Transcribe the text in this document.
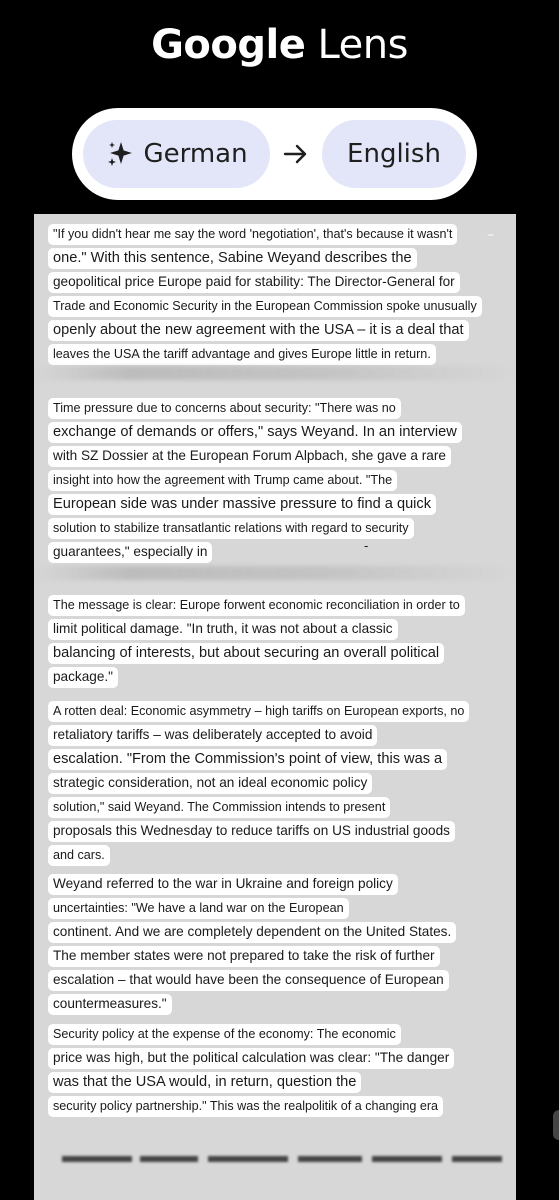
Google Lens
German	English
"If you didn't hear me say the word 'negotiation', that's because it wasn't
one." With this sentence, Sabine Weyand describes the
geopolitical price Europe paid for stability: The Director-General for
Trade and Economic Security in the European Commission spoke unusually
openly about the new agreement with the USA – it is a deal that
leaves the USA the tariff advantage and gives Europe little in return.
–
Time pressure due to concerns about security: "There was no
exchange of demands or offers," says Weyand. In an interview
with SZ Dossier at the European Forum Alpbach, she gave a rare
insight into how the agreement with Trump came about. "The
European side was under massive pressure to find a quick
solution to stabilize transatlantic relations with regard to security
guarantees," especially in	-
The message is clear: Europe forwent economic reconciliation in order to
limit political damage. "In truth, it was not about a classic
balancing of interests, but about securing an overall political
package."
A rotten deal: Economic asymmetry – high tariffs on European exports, no
retaliatory tariffs – was deliberately accepted to avoid
escalation. "From the Commission's point of view, this was a
strategic consideration, not an ideal economic policy
solution," said Weyand. The Commission intends to present
proposals this Wednesday to reduce tariffs on US industrial goods
and cars.
Weyand referred to the war in Ukraine and foreign policy
uncertainties: "We have a land war on the European
continent. And we are completely dependent on the United States.
The member states were not prepared to take the risk of further
escalation – that would have been the consequence of European
countermeasures."
Security policy at the expense of the economy: The economic
price was high, but the political calculation was clear: "The danger
was that the USA would, in return, question the
security policy partnership." This was the realpolitik of a changing era
